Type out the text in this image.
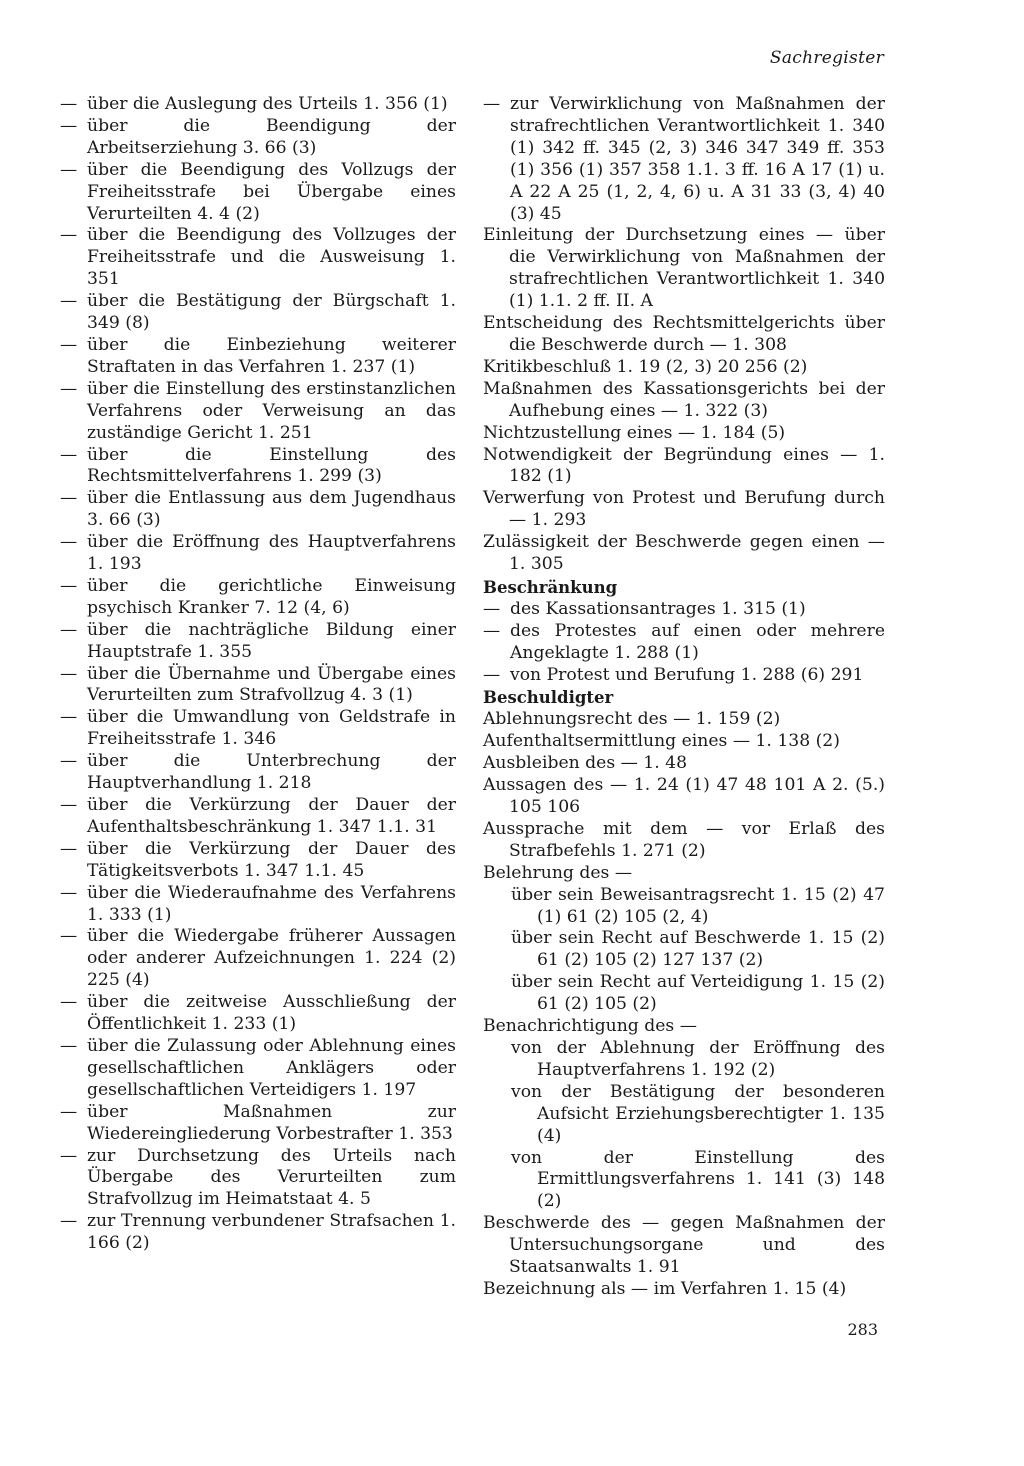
Sachregister
— über die Auslegung des Urteils 1. 356 (1)
— über die Beendigung der Arbeitserziehung 3. 66 (3)
— über die Beendigung des Vollzugs der Freiheitsstrafe bei Übergabe eines Verurteilten 4. 4 (2)
— über die Beendigung des Vollzuges der Freiheitsstrafe und die Ausweisung 1. 351
— über die Bestätigung der Bürgschaft 1. 349 (8)
— über die Einbeziehung weiterer Straftaten in das Verfahren 1. 237 (1)
— über die Einstellung des erstinstanzlichen Verfahrens oder Verweisung an das zuständige Gericht 1. 251
— über die Einstellung des Rechtsmittelverfahrens 1. 299 (3)
— über die Entlassung aus dem Jugendhaus 3. 66 (3)
— über die Eröffnung des Hauptverfahrens 1. 193
— über die gerichtliche Einweisung psychisch Kranker 7. 12 (4, 6)
— über die nachträgliche Bildung einer Hauptstrafe 1. 355
— über die Übernahme und Übergabe eines Verurteilten zum Strafvollzug 4. 3 (1)
— über die Umwandlung von Geldstrafe in Freiheitsstrafe 1. 346
— über die Unterbrechung der Hauptverhandlung 1. 218
— über die Verkürzung der Dauer der Aufenthaltsbeschränkung 1. 347 1.1. 31
— über die Verkürzung der Dauer des Tätigkeitsverbots 1. 347 1.1. 45
— über die Wiederaufnahme des Verfahrens 1. 333 (1)
— über die Wiedergabe früherer Aussagen oder anderer Aufzeichnungen 1. 224 (2) 225 (4)
— über die zeitweise Ausschließung der Öffentlichkeit 1. 233 (1)
— über die Zulassung oder Ablehnung eines gesellschaftlichen Anklägers oder gesellschaftlichen Verteidigers 1. 197
— über Maßnahmen zur Wiedereingliederung Vorbestrafter 1. 353
— zur Durchsetzung des Urteils nach Übergabe des Verurteilten zum Strafvollzug im Heimatstaat 4. 5
— zur Trennung verbundener Strafsachen 1. 166 (2)
— zur Verwirklichung von Maßnahmen der strafrechtlichen Verantwortlichkeit 1. 340 (1) 342 ff. 345 (2, 3) 346 347 349 ff. 353 (1) 356 (1) 357 358 1.1. 3 ff. 16 A 17 (1) u. A 22 A 25 (1, 2, 4, 6) u. A 31 33 (3, 4) 40 (3) 45
Einleitung der Durchsetzung eines — über die Verwirklichung von Maßnahmen der strafrechtlichen Verantwortlichkeit 1. 340 (1) 1.1. 2 ff. II. A
Entscheidung des Rechtsmittelgerichts über die Beschwerde durch — 1. 308
Kritikbeschluß 1. 19 (2, 3) 20 256 (2)
Maßnahmen des Kassationsgerichts bei der Aufhebung eines — 1. 322 (3)
Nichtzustellung eines — 1. 184 (5)
Notwendigkeit der Begründung eines — 1. 182 (1)
Verwerfung von Protest und Berufung durch — 1. 293
Zulässigkeit der Beschwerde gegen einen — 1. 305
Beschränkung
— des Kassationsantrages 1. 315 (1)
— des Protestes auf einen oder mehrere Angeklagte 1. 288 (1)
— von Protest und Berufung 1. 288 (6) 291
Beschuldigter
Ablehnungsrecht des — 1. 159 (2)
Aufenthaltsermittlung eines — 1. 138 (2)
Ausbleiben des — 1. 48
Aussagen des — 1. 24 (1) 47 48 101 A 2. (5.) 105 106
Aussprache mit dem — vor Erlaß des Strafbefehls 1. 271 (2)
Belehrung des —
über sein Beweisantragsrecht 1. 15 (2) 47 (1) 61 (2) 105 (2, 4)
über sein Recht auf Beschwerde 1. 15 (2) 61 (2) 105 (2) 127 137 (2)
über sein Recht auf Verteidigung 1. 15 (2) 61 (2) 105 (2)
Benachrichtigung des —
von der Ablehnung der Eröffnung des Hauptverfahrens 1. 192 (2)
von der Bestätigung der besonderen Aufsicht Erziehungsberechtigter 1. 135 (4)
von der Einstellung des Ermittlungsverfahrens 1. 141 (3) 148 (2)
Beschwerde des — gegen Maßnahmen der Untersuchungsorgane und des Staatsanwalts 1. 91
Bezeichnung als — im Verfahren 1. 15 (4)
283
